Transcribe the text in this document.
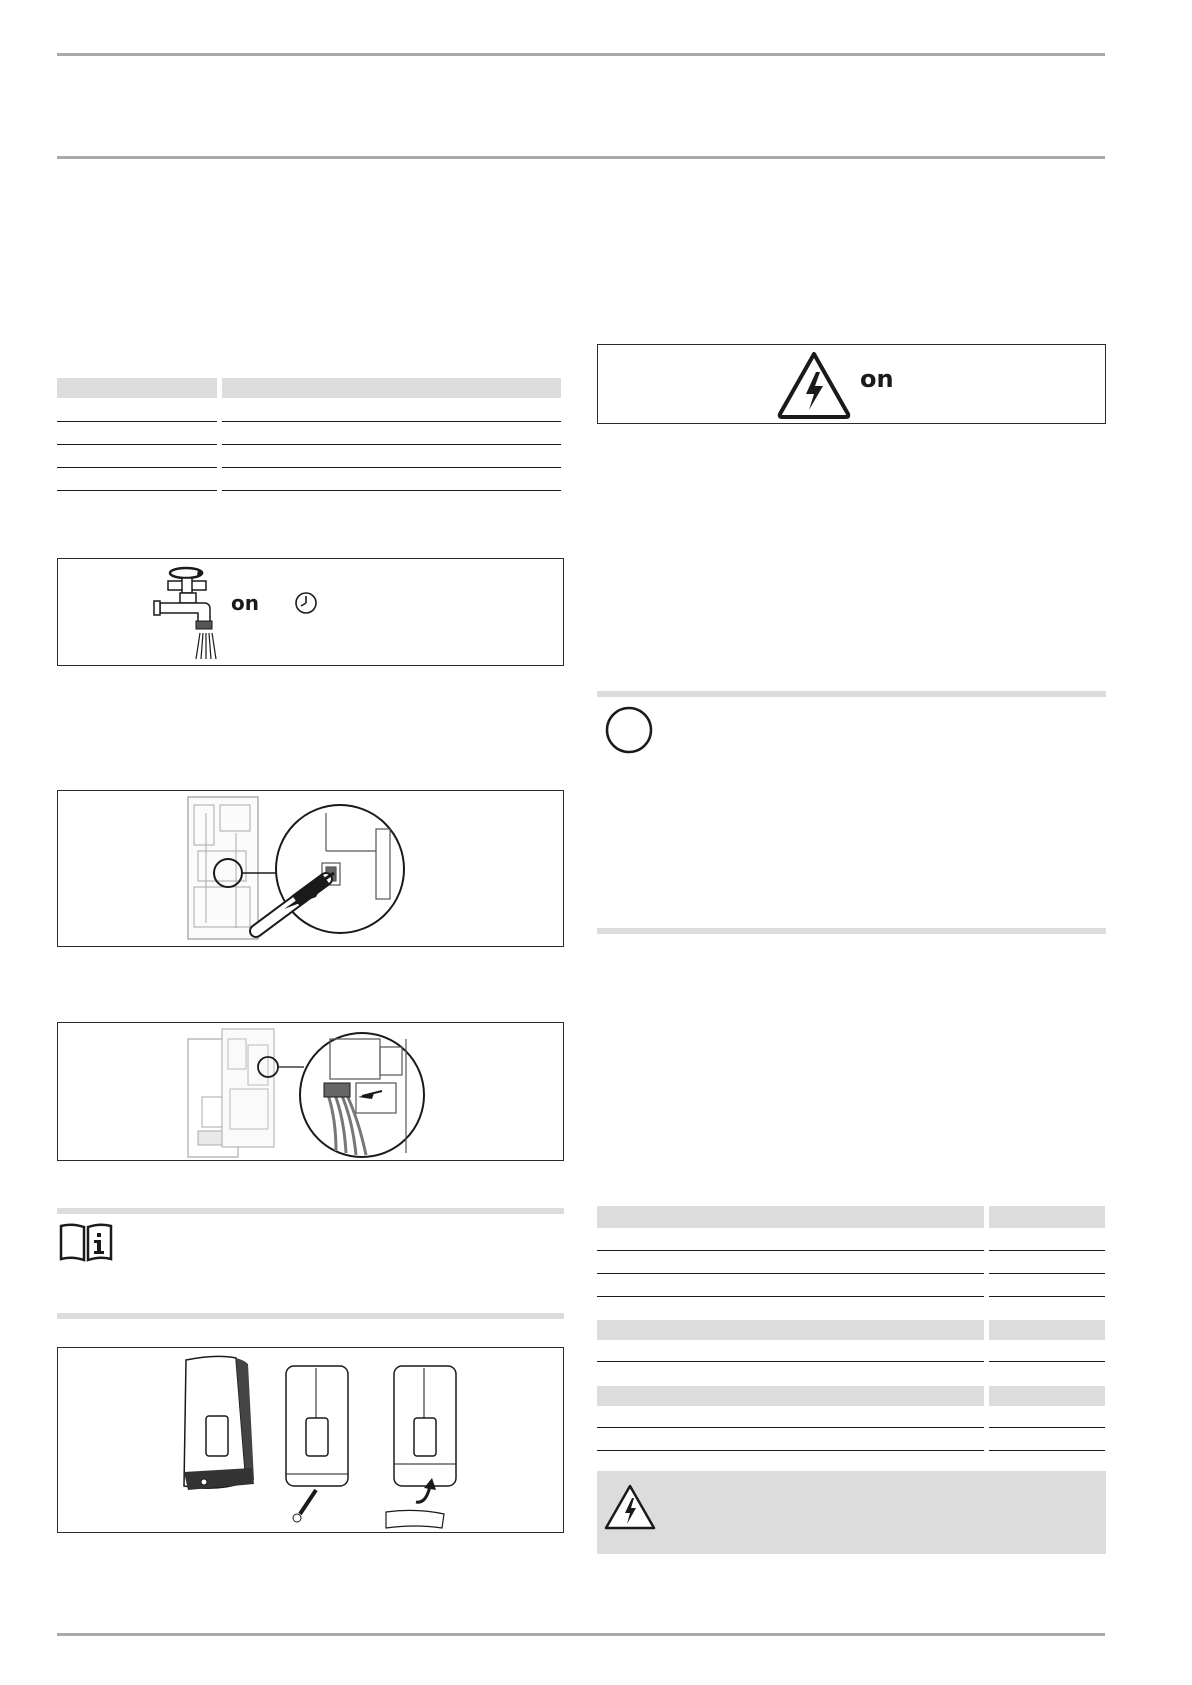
on
on
